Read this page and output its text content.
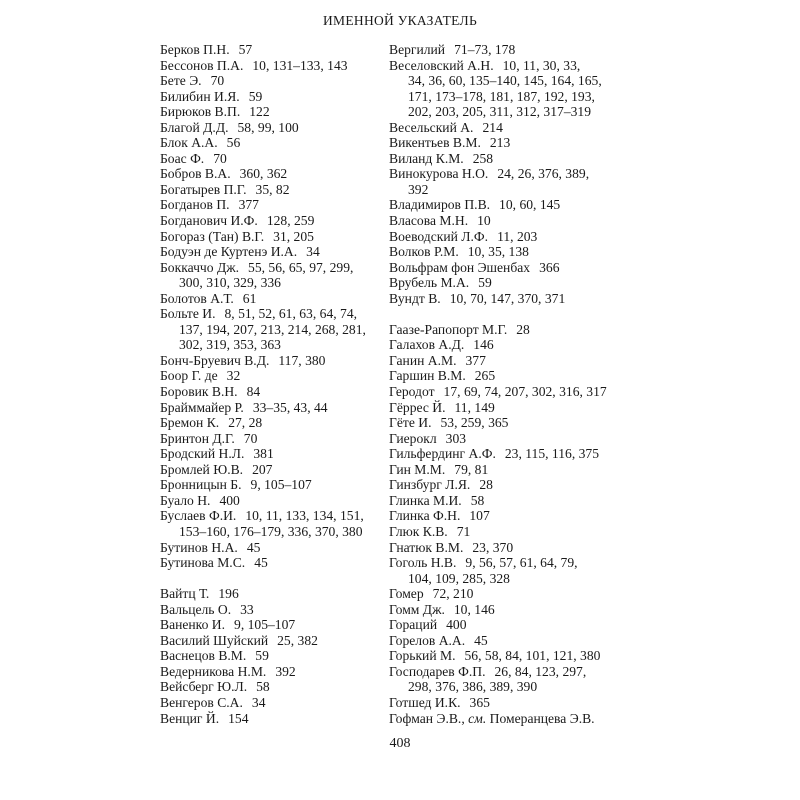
ИМЕННОЙ УКАЗАТЕЛЬ
Берков П.Н. 57
Бессонов П.А. 10, 131–133, 143
Бете Э. 70
Билибин И.Я. 59
Бирюков В.П. 122
Благой Д.Д. 58, 99, 100
Блок А.А. 56
Боас Ф. 70
Бобров В.А. 360, 362
Богатырев П.Г. 35, 82
Богданов П. 377
Богданович И.Ф. 128, 259
Богораз (Тан) В.Г. 31, 205
Бодуэн де Куртенэ И.А. 34
Боккаччо Дж. 55, 56, 65, 97, 299,
300, 310, 329, 336
Болотов А.Т. 61
Больте И. 8, 51, 52, 61, 63, 64, 74,
137, 194, 207, 213, 214, 268, 281,
302, 319, 353, 363
Бонч-Бруевич В.Д. 117, 380
Боор Г. де 32
Боровик В.Н. 84
Брайммайер Р. 33–35, 43, 44
Бремон К. 27, 28
Бринтон Д.Г. 70
Бродский Н.Л. 381
Бромлей Ю.В. 207
Бронницын Б. 9, 105–107
Буало Н. 400
Буслаев Ф.И. 10, 11, 133, 134, 151,
153–160, 176–179, 336, 370, 380
Бутинов Н.А. 45
Бутинова М.С. 45
Вайтц Т. 196
Вальцель О. 33
Ваненко И. 9, 105–107
Василий Шуйский 25, 382
Васнецов В.М. 59
Ведерникова Н.М. 392
Вейсберг Ю.Л. 58
Венгеров С.А. 34
Венциг Й. 154
Вергилий 71–73, 178
Веселовский А.Н. 10, 11, 30, 33,
34, 36, 60, 135–140, 145, 164, 165,
171, 173–178, 181, 187, 192, 193,
202, 203, 205, 311, 312, 317–319
Весельский А. 214
Викентьев В.М. 213
Виланд К.М. 258
Винокурова Н.О. 24, 26, 376, 389,
392
Владимиров П.В. 10, 60, 145
Власова М.Н. 10
Воеводский Л.Ф. 11, 203
Волков Р.М. 10, 35, 138
Вольфрам фон Эшенбах 366
Врубель М.А. 59
Вундт В. 10, 70, 147, 370, 371
Гаазе-Рапопорт М.Г. 28
Галахов А.Д. 146
Ганин А.М. 377
Гаршин В.М. 265
Геродот 17, 69, 74, 207, 302, 316, 317
Гёррес Й. 11, 149
Гёте И. 53, 259, 365
Гиерокл 303
Гильфердинг А.Ф. 23, 115, 116, 375
Гин М.М. 79, 81
Гинзбург Л.Я. 28
Глинка М.И. 58
Глинка Ф.Н. 107
Глюк К.В. 71
Гнатюк В.М. 23, 370
Гоголь Н.В. 9, 56, 57, 61, 64, 79,
104, 109, 285, 328
Гомер 72, 210
Гомм Дж. 10, 146
Гораций 400
Горелов А.А. 45
Горький М. 56, 58, 84, 101, 121, 380
Господарев Ф.П. 26, 84, 123, 297,
298, 376, 386, 389, 390
Готшед И.К. 365
Гофман Э.В., см. Померанцева Э.В.
408
